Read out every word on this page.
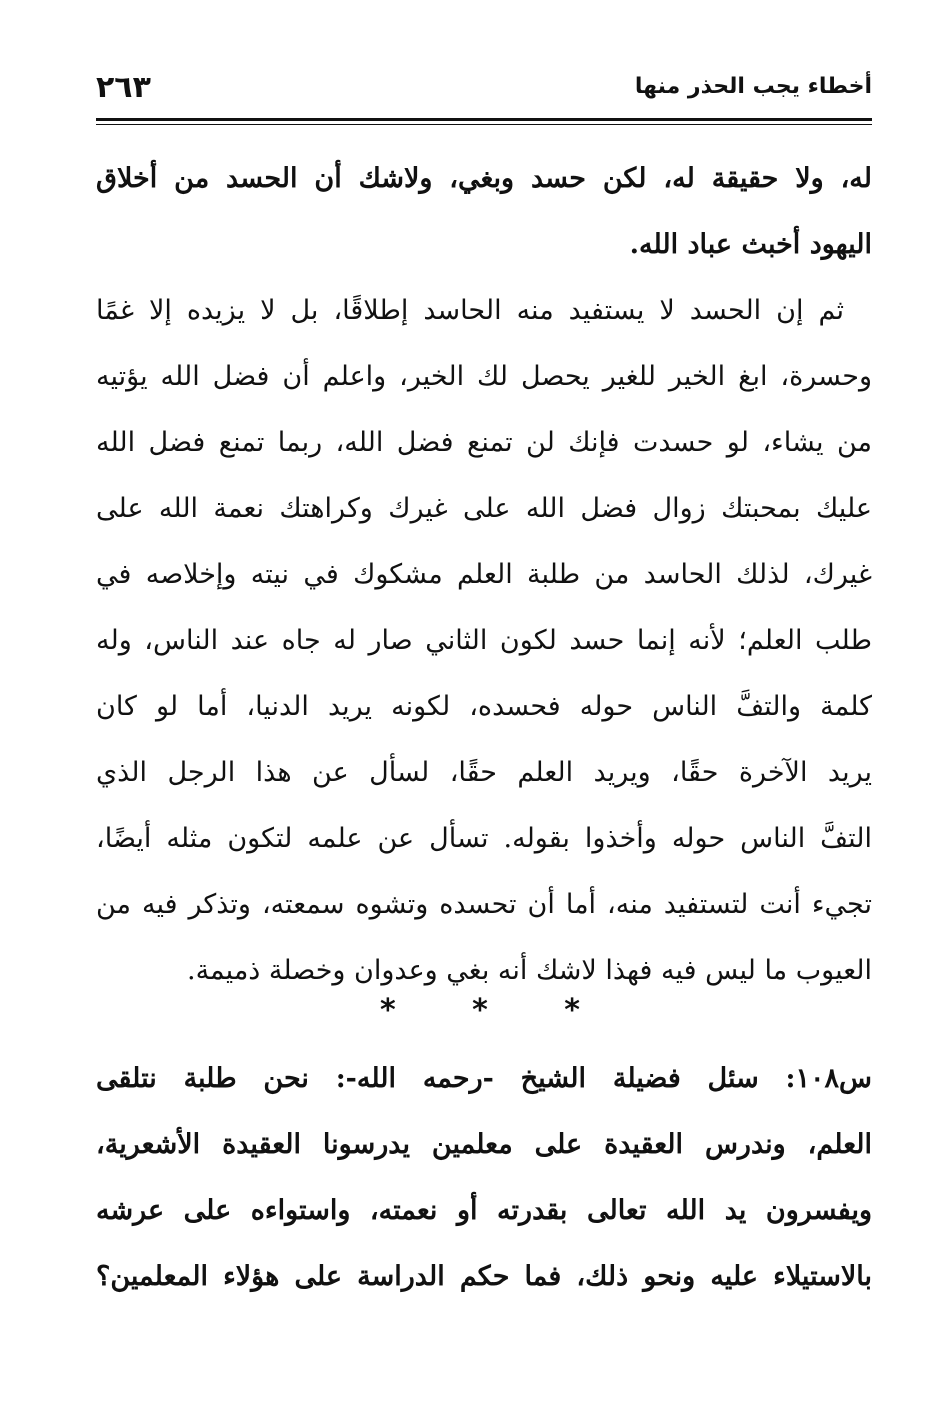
أخطاء يجب الحذر منها
٢٦٣
له، ولا حقيقة له، لكن حسد وبغي، ولاشك أن الحسد من أخلاق
اليهود أخبث عباد الله.
ثم إن الحسد لا يستفيد منه الحاسد إطلاقًا، بل لا يزيده إلا غمًا
وحسرة، ابغ الخير للغير يحصل لك الخير، واعلم أن فضل الله يؤتيه
من يشاء، لو حسدت فإنك لن تمنع فضل الله، ربما تمنع فضل الله
عليك بمحبتك زوال فضل الله على غيرك وكراهتك نعمة الله على
غيرك، لذلك الحاسد من طلبة العلم مشكوك في نيته وإخلاصه في
طلب العلم؛ لأنه إنما حسد لكون الثاني صار له جاه عند الناس، وله
كلمة والتفَّ الناس حوله فحسده، لكونه يريد الدنيا، أما لو كان
يريد الآخرة حقًا، ويريد العلم حقًا، لسأل عن هذا الرجل الذي
التفَّ الناس حوله وأخذوا بقوله. تسأل عن علمه لتكون مثله أيضًا،
تجيء أنت لتستفيد منه، أما أن تحسده وتشوه سمعته، وتذكر فيه من
العيوب ما ليس فيه فهذا لاشك أنه بغي وعدوان وخصلة ذميمة.
*	*	*
س١٠٨: سئل فضيلة الشيخ -رحمه الله-: نحن طلبة نتلقى
العلم، وندرس العقيدة على معلمين يدرسونا العقيدة الأشعرية،
ويفسرون يد الله تعالى بقدرته أو نعمته، واستواءه على عرشه
بالاستيلاء عليه ونحو ذلك، فما حكم الدراسة على هؤلاء المعلمين؟
